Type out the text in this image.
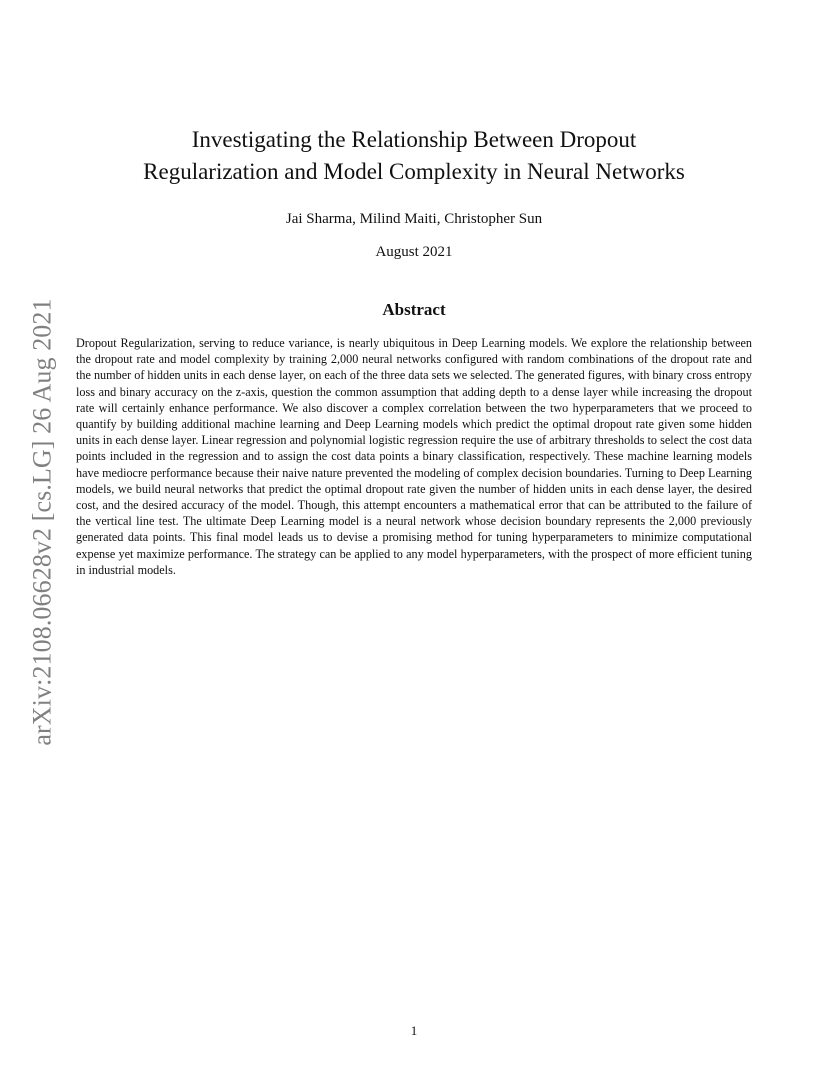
arXiv:2108.06628v2 [cs.LG] 26 Aug 2021
Investigating the Relationship Between Dropout
Regularization and Model Complexity in Neural Networks
Jai Sharma, Milind Maiti, Christopher Sun
August 2021
Abstract

Dropout Regularization, serving to reduce variance, is nearly ubiquitous in Deep Learning models. We explore the relationship between the dropout rate and model complexity by training 2,000 neural networks configured with random combinations of the dropout rate and the number of hidden units in each dense layer, on each of the three data sets we selected. The generated figures, with binary cross entropy loss and binary accuracy on the z-axis, question the common assumption that adding depth to a dense layer while increasing the dropout rate will certainly enhance performance. We also discover a complex correlation between the two hyperparameters that we proceed to quantify by building additional machine learning and Deep Learning models which predict the optimal dropout rate given some hidden units in each dense layer. Linear regression and polynomial logistic regression require the use of arbitrary thresholds to select the cost data points included in the regression and to assign the cost data points a binary classification, respectively. These machine learning models have mediocre performance because their naive nature prevented the modeling of complex decision boundaries. Turning to Deep Learning models, we build neural networks that predict the optimal dropout rate given the number of hidden units in each dense layer, the desired cost, and the desired accuracy of the model. Though, this attempt encounters a mathematical error that can be attributed to the failure of the vertical line test. The ultimate Deep Learning model is a neural network whose decision boundary represents the 2,000 previously generated data points. This final model leads us to devise a promising method for tuning hyperparameters to minimize computational expense yet maximize performance. The strategy can be applied to any model hyperparameters, with the prospect of more efficient tuning in industrial models.

1
